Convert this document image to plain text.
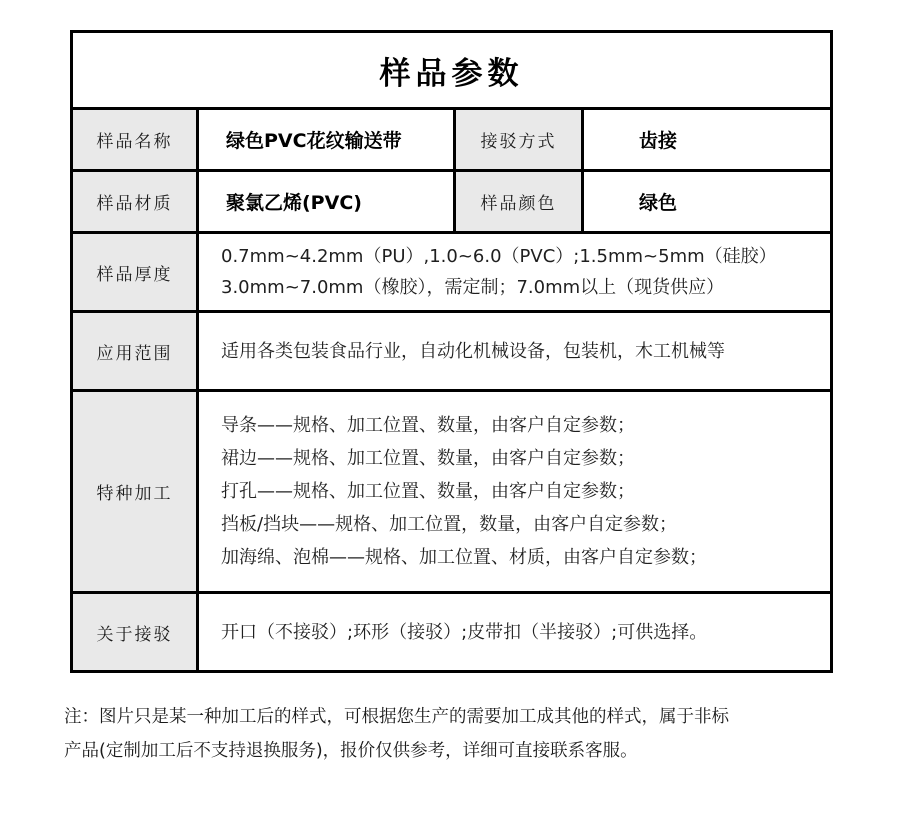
样品参数			
样品名称	绿色PVC花纹输送带	接驳方式	齿接
样品材质	聚氯乙烯(PVC)	样品颜色	绿色
样品厚度	0.7mm~4.2mm（PU）,1.0~6.0（PVC）;1.5mm~5mm（硅胶）
3.0mm~7.0mm（橡胶），需定制；7.0mm以上（现货供应）		

应用范围	适用各类包装食品行业，自动化机械设备，包装机，木工机械等		
特种加工	导条——规格、加工位置、数量，由客户自定参数；
裙边——规格、加工位置、数量，由客户自定参数；
打孔——规格、加工位置、数量，由客户自定参数；
挡板/挡块——规格、加工位置，数量，由客户自定参数；
加海绵、泡棉——规格、加工位置、材质，由客户自定参数；		

关于接驳	开口（不接驳）;环形（接驳）;皮带扣（半接驳）;可供选择。		
注：图片只是某一种加工后的样式，可根据您生产的需要加工成其他的样式，属于非标
产品(定制加工后不支持退换服务)，报价仅供参考，详细可直接联系客服。
